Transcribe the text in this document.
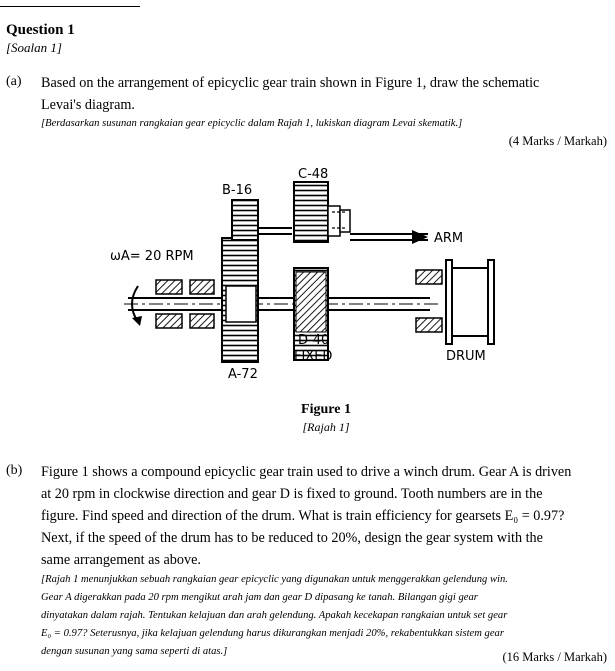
Question 1
[Soalan 1]
(a) Based on the arrangement of epicyclic gear train shown in Figure 1, draw the schematic
Levai's diagram.
[Berdasarkan susunan rangkaian gear epicyclic dalam Rajah 1, lukiskan diagram Levai skematik.]
(4 Marks / Markah)
C-48
B-16
ARM
ωA= 20 RPM
D-40
FIXED	DRUM
A-72
Figure 1
[Rajah 1]
(b) Figure 1 shows a compound epicyclic gear train used to drive a winch drum. Gear A is driven
at 20 rpm in clockwise direction and gear D is fixed to ground. Tooth numbers are in the
figure. Find speed and direction of the drum. What is train efficiency for gearsets E₀ = 0.97?
Next, if the speed of the drum has to be reduced to 20%, design the gear system with the
same arrangement as above.
[Rajah 1 menunjukkan sebuah rangkaian gear epicyclic yang digunakan untuk menggerakkan gelendung win.
Gear A digerakkan pada 20 rpm mengikut arah jam dan gear D dipasang ke tanah. Bilangan gigi gear
dinyatakan dalam rajah. Tentukan kelajuan dan arah gelendung. Apakah kecekapan rangkaian untuk set gear
E₀ = 0.97? Seterusnya, jika kelajuan gelendung harus dikurangkan menjadi 20%, rekabentukkan sistem gear
dengan susunan yang sama seperti di atas.]	(16 Marks / Markah)
